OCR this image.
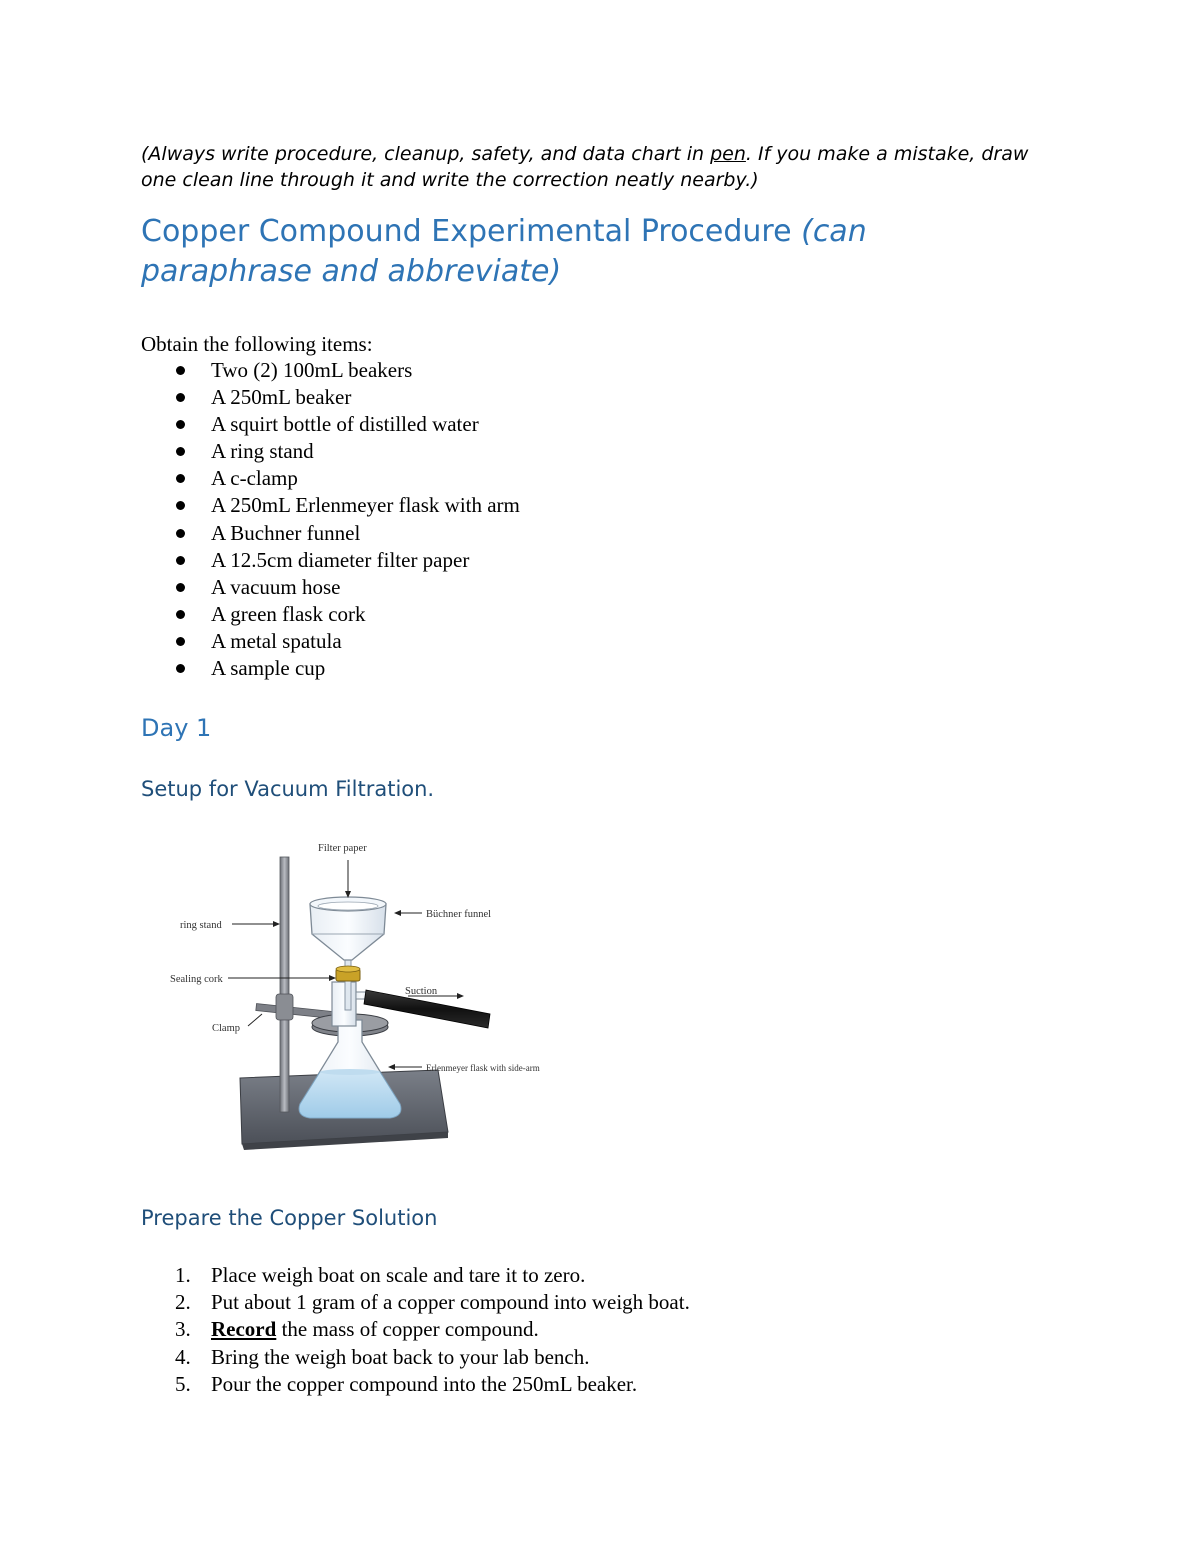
(Always write procedure, cleanup, safety, and data chart in pen. If you make a mistake, draw one clean line through it and write the correction neatly nearby.)
Copper Compound Experimental Procedure (can paraphrase and abbreviate)
Obtain the following items:
Two (2) 100mL beakers
A 250mL beaker
A squirt bottle of distilled water
A ring stand
A c-clamp
A 250mL Erlenmeyer flask with arm
A Buchner funnel
A 12.5cm diameter filter paper
A vacuum hose
A green flask cork
A metal spatula
A sample cup
Day 1
Setup for Vacuum Filtration.
Filter paper
Büchner funnel
ring stand
Sealing cork
Suction
Clamp
Erlenmeyer flask with side-arm
Prepare the Copper Solution
1. Place weigh boat on scale and tare it to zero.
2. Put about 1 gram of a copper compound into weigh boat.
3. Record the mass of copper compound.
4. Bring the weigh boat back to your lab bench.
5. Pour the copper compound into the 250mL beaker.
